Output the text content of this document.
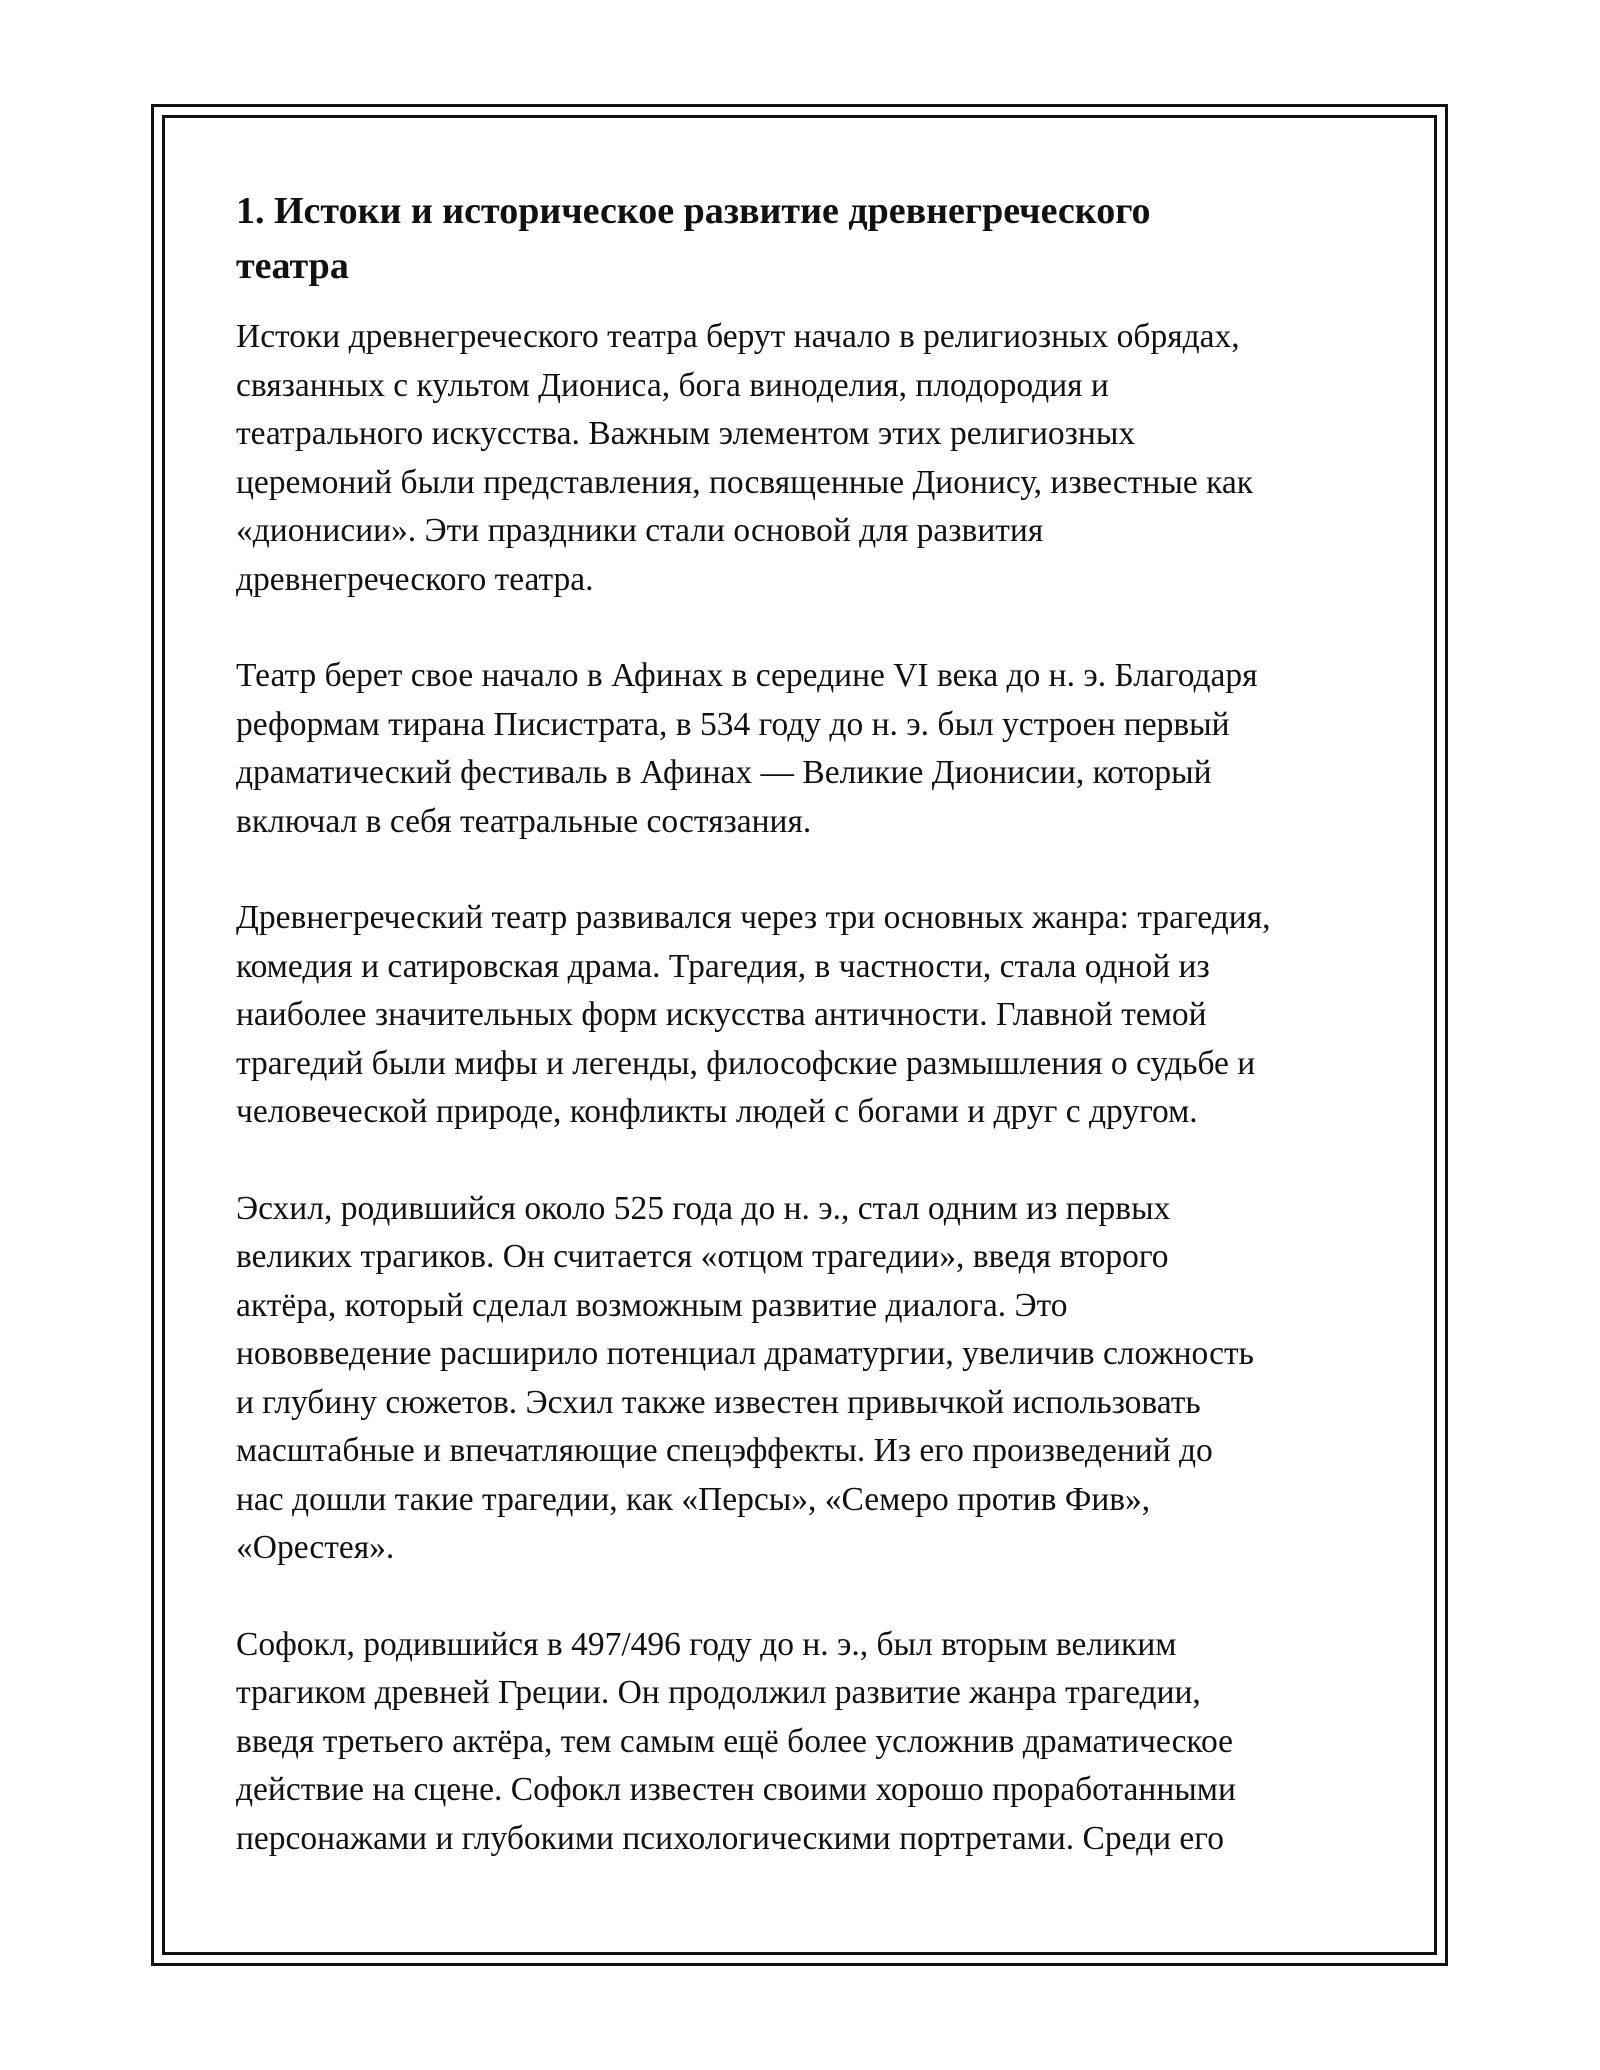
1. Истоки и историческое развитие древнегреческого
театра

Истоки древнегреческого театра берут начало в религиозных обрядах,
связанных с культом Диониса, бога виноделия, плодородия и
театрального искусства. Важным элементом этих религиозных
церемоний были представления, посвященные Дионису, известные как
«дионисии». Эти праздники стали основой для развития
древнегреческого театра.

Театр берет свое начало в Афинах в середине VI века до н. э. Благодаря
реформам тирана Писистрата, в 534 году до н. э. был устроен первый
драматический фестиваль в Афинах — Великие Дионисии, который
включал в себя театральные состязания.

Древнегреческий театр развивался через три основных жанра: трагедия,
комедия и сатировская драма. Трагедия, в частности, стала одной из
наиболее значительных форм искусства античности. Главной темой
трагедий были мифы и легенды, философские размышления о судьбе и
человеческой природе, конфликты людей с богами и друг с другом.

Эсхил, родившийся около 525 года до н. э., стал одним из первых
великих трагиков. Он считается «отцом трагедии», введя второго
актёра, который сделал возможным развитие диалога. Это
нововведение расширило потенциал драматургии, увеличив сложность
и глубину сюжетов. Эсхил также известен привычкой использовать
масштабные и впечатляющие спецэффекты. Из его произведений до
нас дошли такие трагедии, как «Персы», «Семеро против Фив»,
«Орестея».

Софокл, родившийся в 497/496 году до н. э., был вторым великим
трагиком древней Греции. Он продолжил развитие жанра трагедии,
введя третьего актёра, тем самым ещё более усложнив драматическое
действие на сцене. Софокл известен своими хорошо проработанными
персонажами и глубокими психологическими портретами. Среди его
